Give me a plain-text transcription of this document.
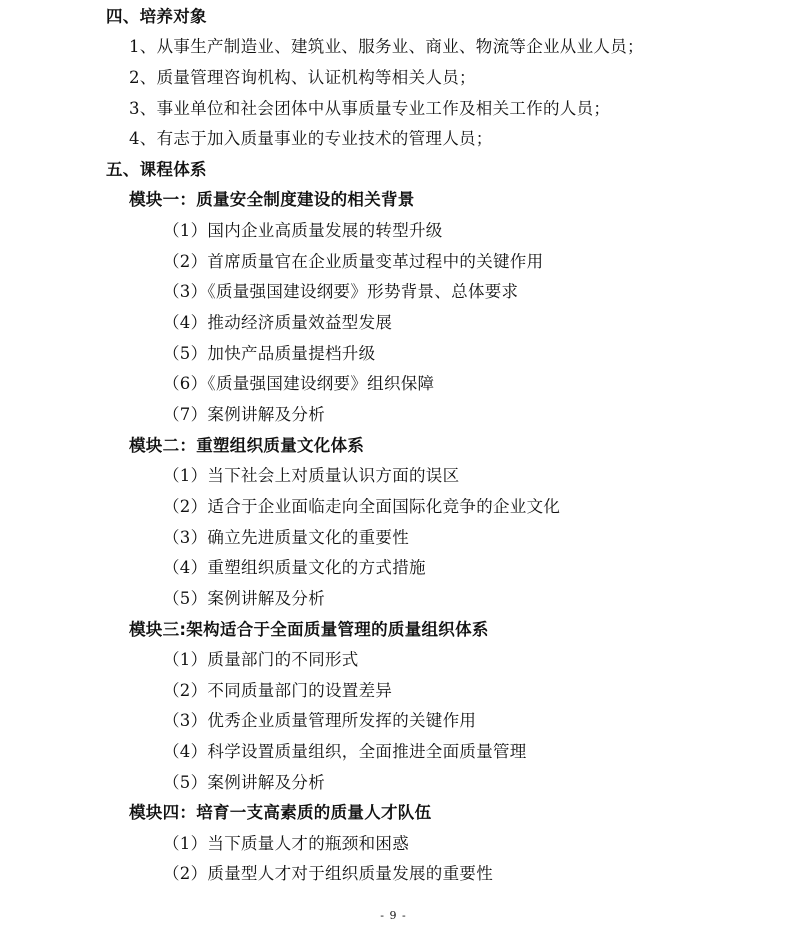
四、培养对象
1、从事生产制造业、建筑业、服务业、商业、物流等企业从业人员；
2、质量管理咨询机构、认证机构等相关人员；
3、事业单位和社会团体中从事质量专业工作及相关工作的人员；
4、有志于加入质量事业的专业技术的管理人员；
五、课程体系
模块一：质量安全制度建设的相关背景
（1）国内企业高质量发展的转型升级
（2）首席质量官在企业质量变革过程中的关键作用
（3）《质量强国建设纲要》形势背景、总体要求
（4）推动经济质量效益型发展
（5）加快产品质量提档升级
（6）《质量强国建设纲要》组织保障
（7）案例讲解及分析
模块二：重塑组织质量文化体系
（1）当下社会上对质量认识方面的误区
（2）适合于企业面临走向全面国际化竞争的企业文化
（3）确立先进质量文化的重要性
（4）重塑组织质量文化的方式措施
（5）案例讲解及分析
模块三:架构适合于全面质量管理的质量组织体系
（1）质量部门的不同形式
（2）不同质量部门的设置差异
（3）优秀企业质量管理所发挥的关键作用
（4）科学设置质量组织，全面推进全面质量管理
（5）案例讲解及分析
模块四：培育一支高素质的质量人才队伍
（1）当下质量人才的瓶颈和困惑
（2）质量型人才对于组织质量发展的重要性
- 9 -
